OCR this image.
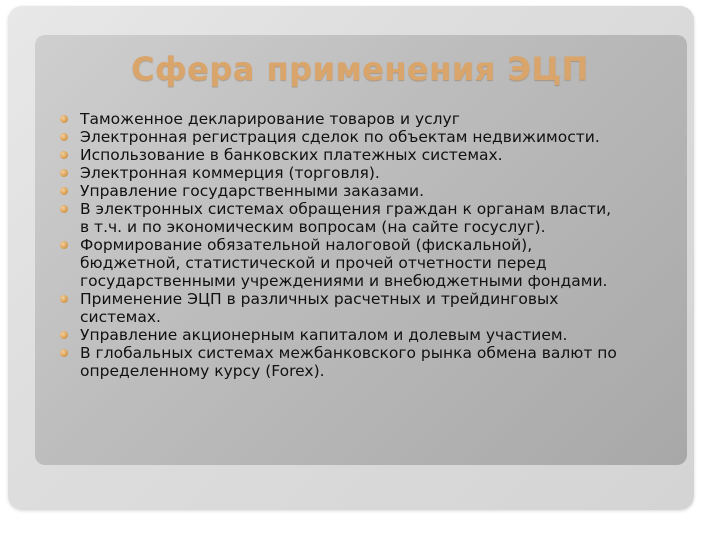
Сфера применения ЭЦП
Таможенное декларирование товаров и услуг
Электронная регистрация сделок по объектам недвижимости.
Использование в банковских платежных системах.
Электронная коммерция (торговля).
Управление государственными заказами.
В электронных системах обращения граждан к органам власти, в т.ч. и по экономическим вопросам (на сайте госуслуг).
Формирование обязательной налоговой (фискальной), бюджетной, статистической и прочей отчетности перед государственными учреждениями и внебюджетными фондами.
Применение ЭЦП в различных расчетных и трейдинговых системах.
Управление акционерным капиталом и долевым участием.
В глобальных системах межбанковского рынка обмена валют по определенному курсу (Forex).
